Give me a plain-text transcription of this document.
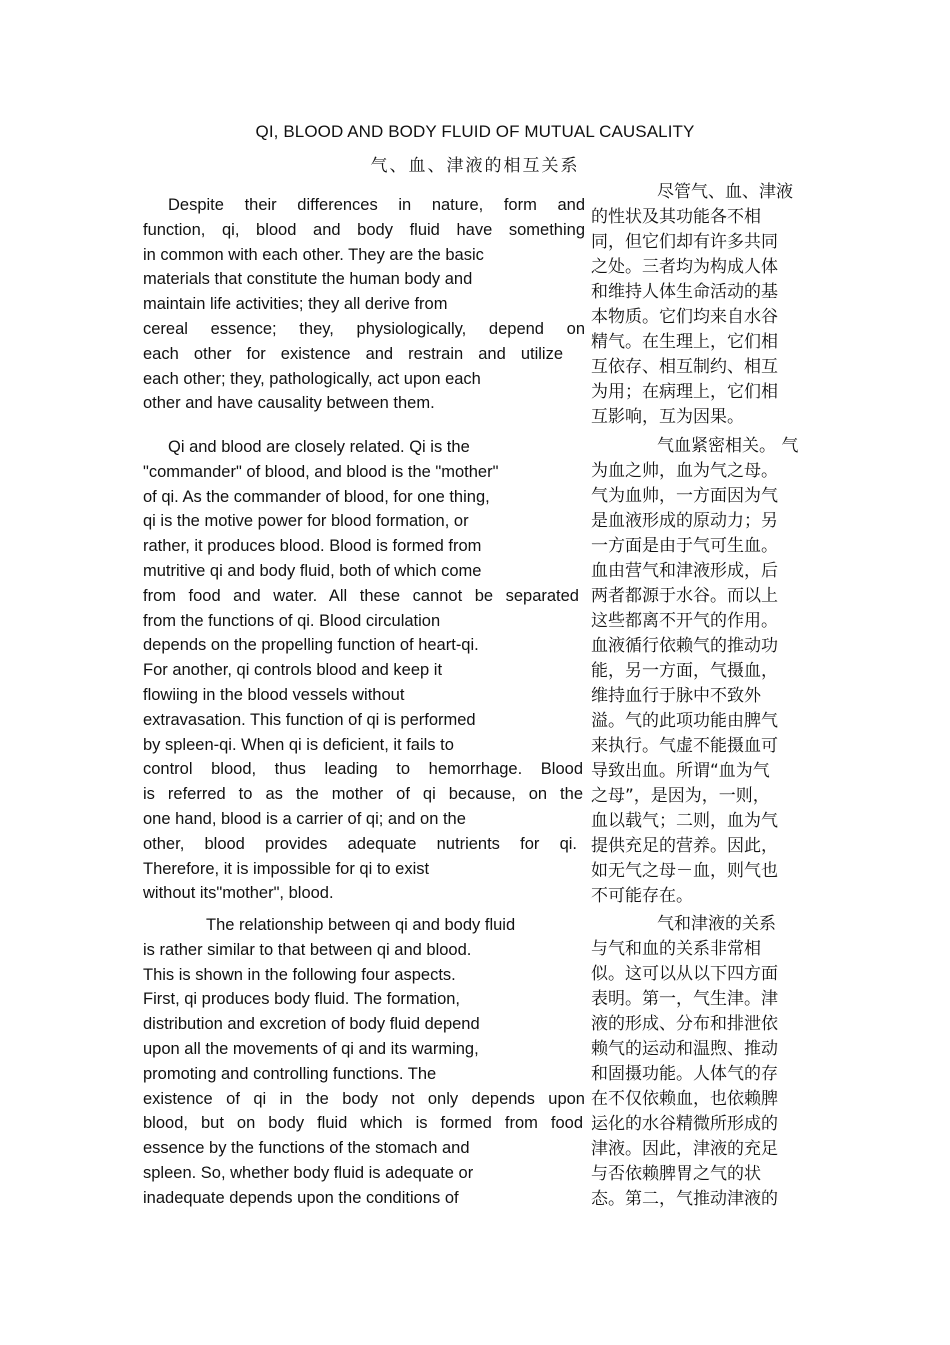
QI, BLOOD AND BODY FLUID OF MUTUAL CAUSALITY
气、血、津液的相互关系
Despite their differences in nature, form and
function, qi, blood and body fluid have something
in common with each other. They are the basic
materials that constitute the human body and
maintain life activities; they all derive from
cereal essence; they, physiologically, depend on
each other for existence and restrain and utilize
each other; they, pathologically, act upon each
other and have causality between them.
尽管气、血、津液
的性状及其功能各不相
同，但它们却有许多共同
之处。三者均为构成人体
和维持人体生命活动的基
本物质。它们均来自水谷
精气。在生理上，它们相
互依存、相互制约、相互
为用；在病理上，它们相
互影响，互为因果。
Qi and blood are closely related. Qi is the
"commander" of blood, and blood is the "mother"
of qi. As the commander of blood, for one thing,
qi is the motive power for blood formation, or
rather, it produces blood. Blood is formed from
mutritive qi and body fluid, both of which come
from food and water. All these cannot be separated
from the functions of qi. Blood circulation
depends on the propelling function of heart-qi.
For another, qi controls blood and keep it
flowiing in the blood vessels without
extravasation. This function of qi is performed
by spleen-qi. When qi is deficient, it fails to
control blood, thus leading to hemorrhage. Blood
is referred to as the mother of qi because, on the
one hand, blood is a carrier of qi; and on the
other, blood provides adequate nutrients for qi.
Therefore, it is impossible for qi to exist
without its"mother", blood.
气血紧密相关。 气
为血之帅，血为气之母。
气为血帅，一方面因为气
是血液形成的原动力；另
一方面是由于气可生血。
血由营气和津液形成，后
两者都源于水谷。而以上
这些都离不开气的作用。
血液循行依赖气的推动功
能，另一方面，气摄血，
维持血行于脉中不致外
溢。气的此项功能由脾气
来执行。气虚不能摄血可
导致出血。所谓“血为气
之母”，是因为，一则，
血以载气；二则，血为气
提供充足的营养。因此，
如无气之母－血，则气也
不可能存在。
The relationship between qi and body fluid
is rather similar to that between qi and blood.
This is shown in the following four aspects.
First, qi produces body fluid. The formation,
distribution and excretion of body fluid depend
upon all the movements of qi and its warming,
promoting and controlling functions. The
existence of qi in the body not only depends upon
blood, but on body fluid which is formed from food
essence by the functions of the stomach and
spleen. So, whether body fluid is adequate or
inadequate depends upon the conditions of
气和津液的关系
与气和血的关系非常相
似。这可以从以下四方面
表明。第一，气生津。津
液的形成、分布和排泄依
赖气的运动和温煦、推动
和固摄功能。人体气的存
在不仅依赖血，也依赖脾
运化的水谷精微所形成的
津液。因此，津液的充足
与否依赖脾胃之气的状
态。第二，气推动津液的
